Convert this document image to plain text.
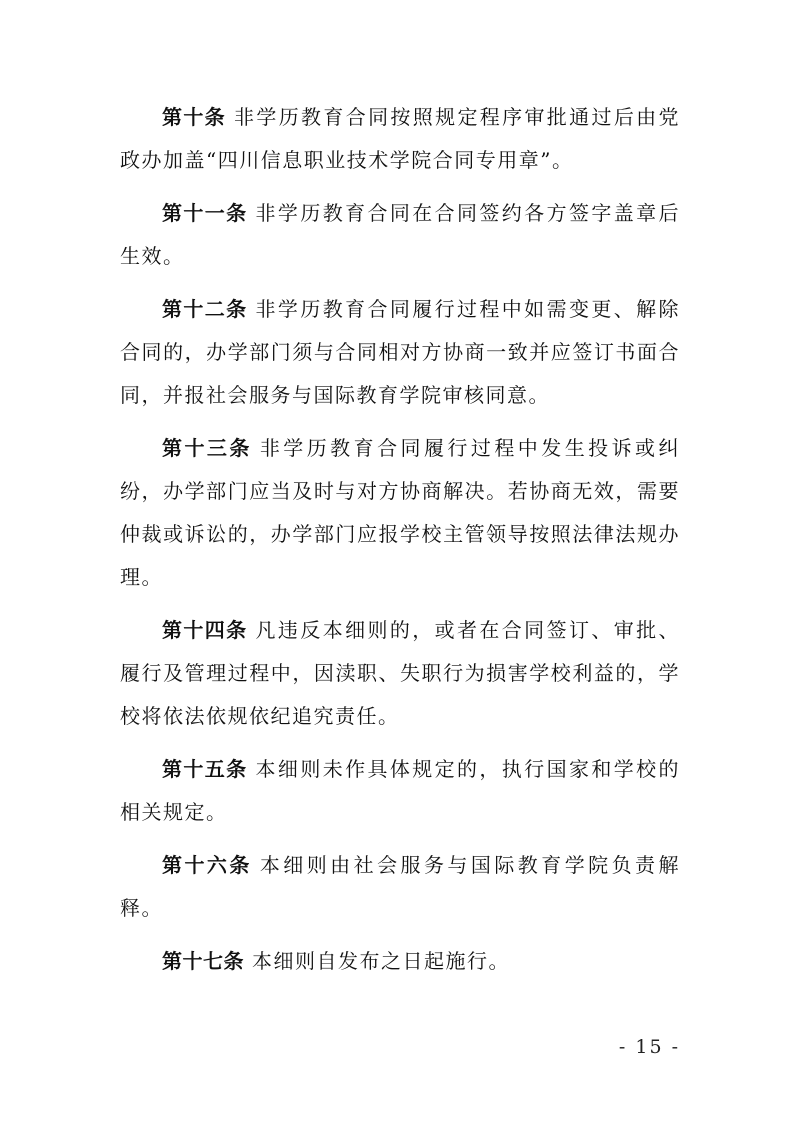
第十条 非学历教育合同按照规定程序审批通过后由党政办加盖“四川信息职业技术学院合同专用章”。

第十一条 非学历教育合同在合同签约各方签字盖章后生效。

第十二条 非学历教育合同履行过程中如需变更、解除合同的，办学部门须与合同相对方协商一致并应签订书面合同，并报社会服务与国际教育学院审核同意。

第十三条 非学历教育合同履行过程中发生投诉或纠纷，办学部门应当及时与对方协商解决。若协商无效，需要仲裁或诉讼的，办学部门应报学校主管领导按照法律法规办理。

第十四条 凡违反本细则的，或者在合同签订、审批、履行及管理过程中，因渎职、失职行为损害学校利益的，学校将依法依规依纪追究责任。

第十五条 本细则未作具体规定的，执行国家和学校的相关规定。

第十六条 本细则由社会服务与国际教育学院负责解释。

第十七条 本细则自发布之日起施行。

- 15 -
